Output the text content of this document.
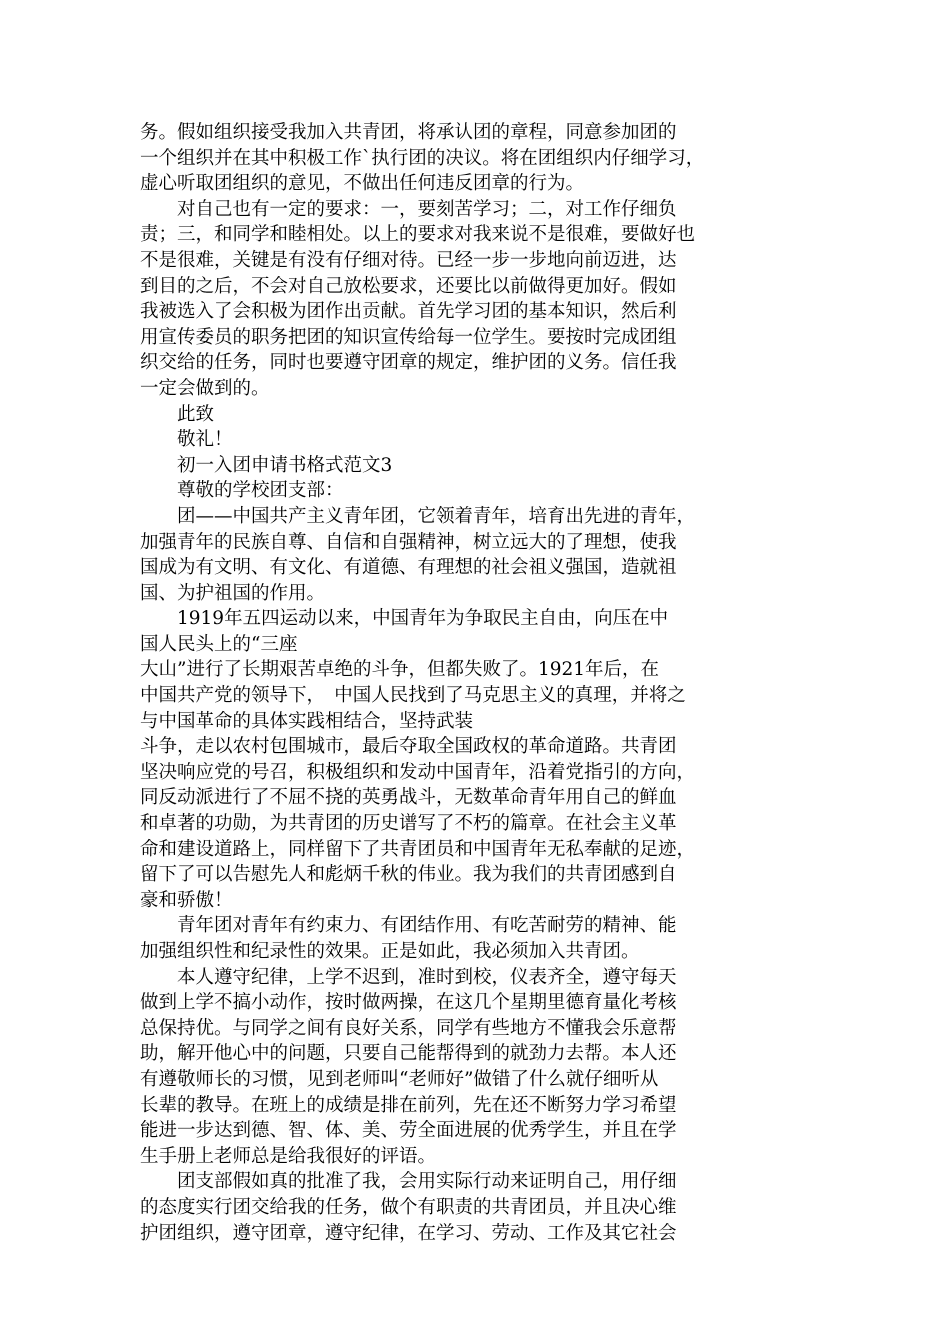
务。假如组织接受我加入共青团，将承认团的章程，同意参加团的
一个组织并在其中积极工作`执行团的决议。将在团组织内仔细学习，
虚心听取团组织的意见，不做出任何违反团章的行为。
　　对自己也有一定的要求：一，要刻苦学习；二，对工作仔细负
责；三，和同学和睦相处。以上的要求对我来说不是很难，要做好也
不是很难，关键是有没有仔细对待。已经一步一步地向前迈进，达
到目的之后，不会对自己放松要求，还要比以前做得更加好。假如
我被选入了会积极为团作出贡献。首先学习团的基本知识，然后利
用宣传委员的职务把团的知识宣传给每一位学生。要按时完成团组
织交给的任务，同时也要遵守团章的规定，维护团的义务。信任我
一定会做到的。
　　此致
　　敬礼！
　　初一入团申请书格式范文3
　　尊敬的学校团支部：
　　团——中国共产主义青年团，它领着青年，培育出先进的青年，
加强青年的民族自尊、自信和自强精神，树立远大的了理想，使我
国成为有文明、有文化、有道德、有理想的社会祖义强国，造就祖
国、为护祖国的作用。
　　1919年五四运动以来，中国青年为争取民主自由，向压在中
国人民头上的“三座
大山”进行了长期艰苦卓绝的斗争，但都失败了。1921年后，在
中国共产党的领导下，　中国人民找到了马克思主义的真理，并将之
与中国革命的具体实践相结合，坚持武装
斗争，走以农村包围城市，最后夺取全国政权的革命道路。共青团
坚决响应党的号召，积极组织和发动中国青年，沿着党指引的方向，
同反动派进行了不屈不挠的英勇战斗，无数革命青年用自己的鲜血
和卓著的功勋，为共青团的历史谱写了不朽的篇章。在社会主义革
命和建设道路上，同样留下了共青团员和中国青年无私奉献的足迹，
留下了可以告慰先人和彪炳千秋的伟业。我为我们的共青团感到自
豪和骄傲！
　　青年团对青年有约束力、有团结作用、有吃苦耐劳的精神、能
加强组织性和纪录性的效果。正是如此，我必须加入共青团。
　　本人遵守纪律，上学不迟到，准时到校，仪表齐全，遵守每天
做到上学不搞小动作，按时做两操，在这几个星期里德育量化考核
总保持优。与同学之间有良好关系，同学有些地方不懂我会乐意帮
助，解开他心中的问题，只要自己能帮得到的就劲力去帮。本人还
有遵敬师长的习惯，见到老师叫“老师好”做错了什么就仔细听从
长辈的教导。在班上的成绩是排在前列，先在还不断努力学习希望
能进一步达到德、智、体、美、劳全面进展的优秀学生，并且在学
生手册上老师总是给我很好的评语。
　　团支部假如真的批准了我，会用实际行动来证明自己，用仔细
的态度实行团交给我的任务，做个有职责的共青团员，并且决心维
护团组织，遵守团章，遵守纪律，在学习、劳动、工作及其它社会
